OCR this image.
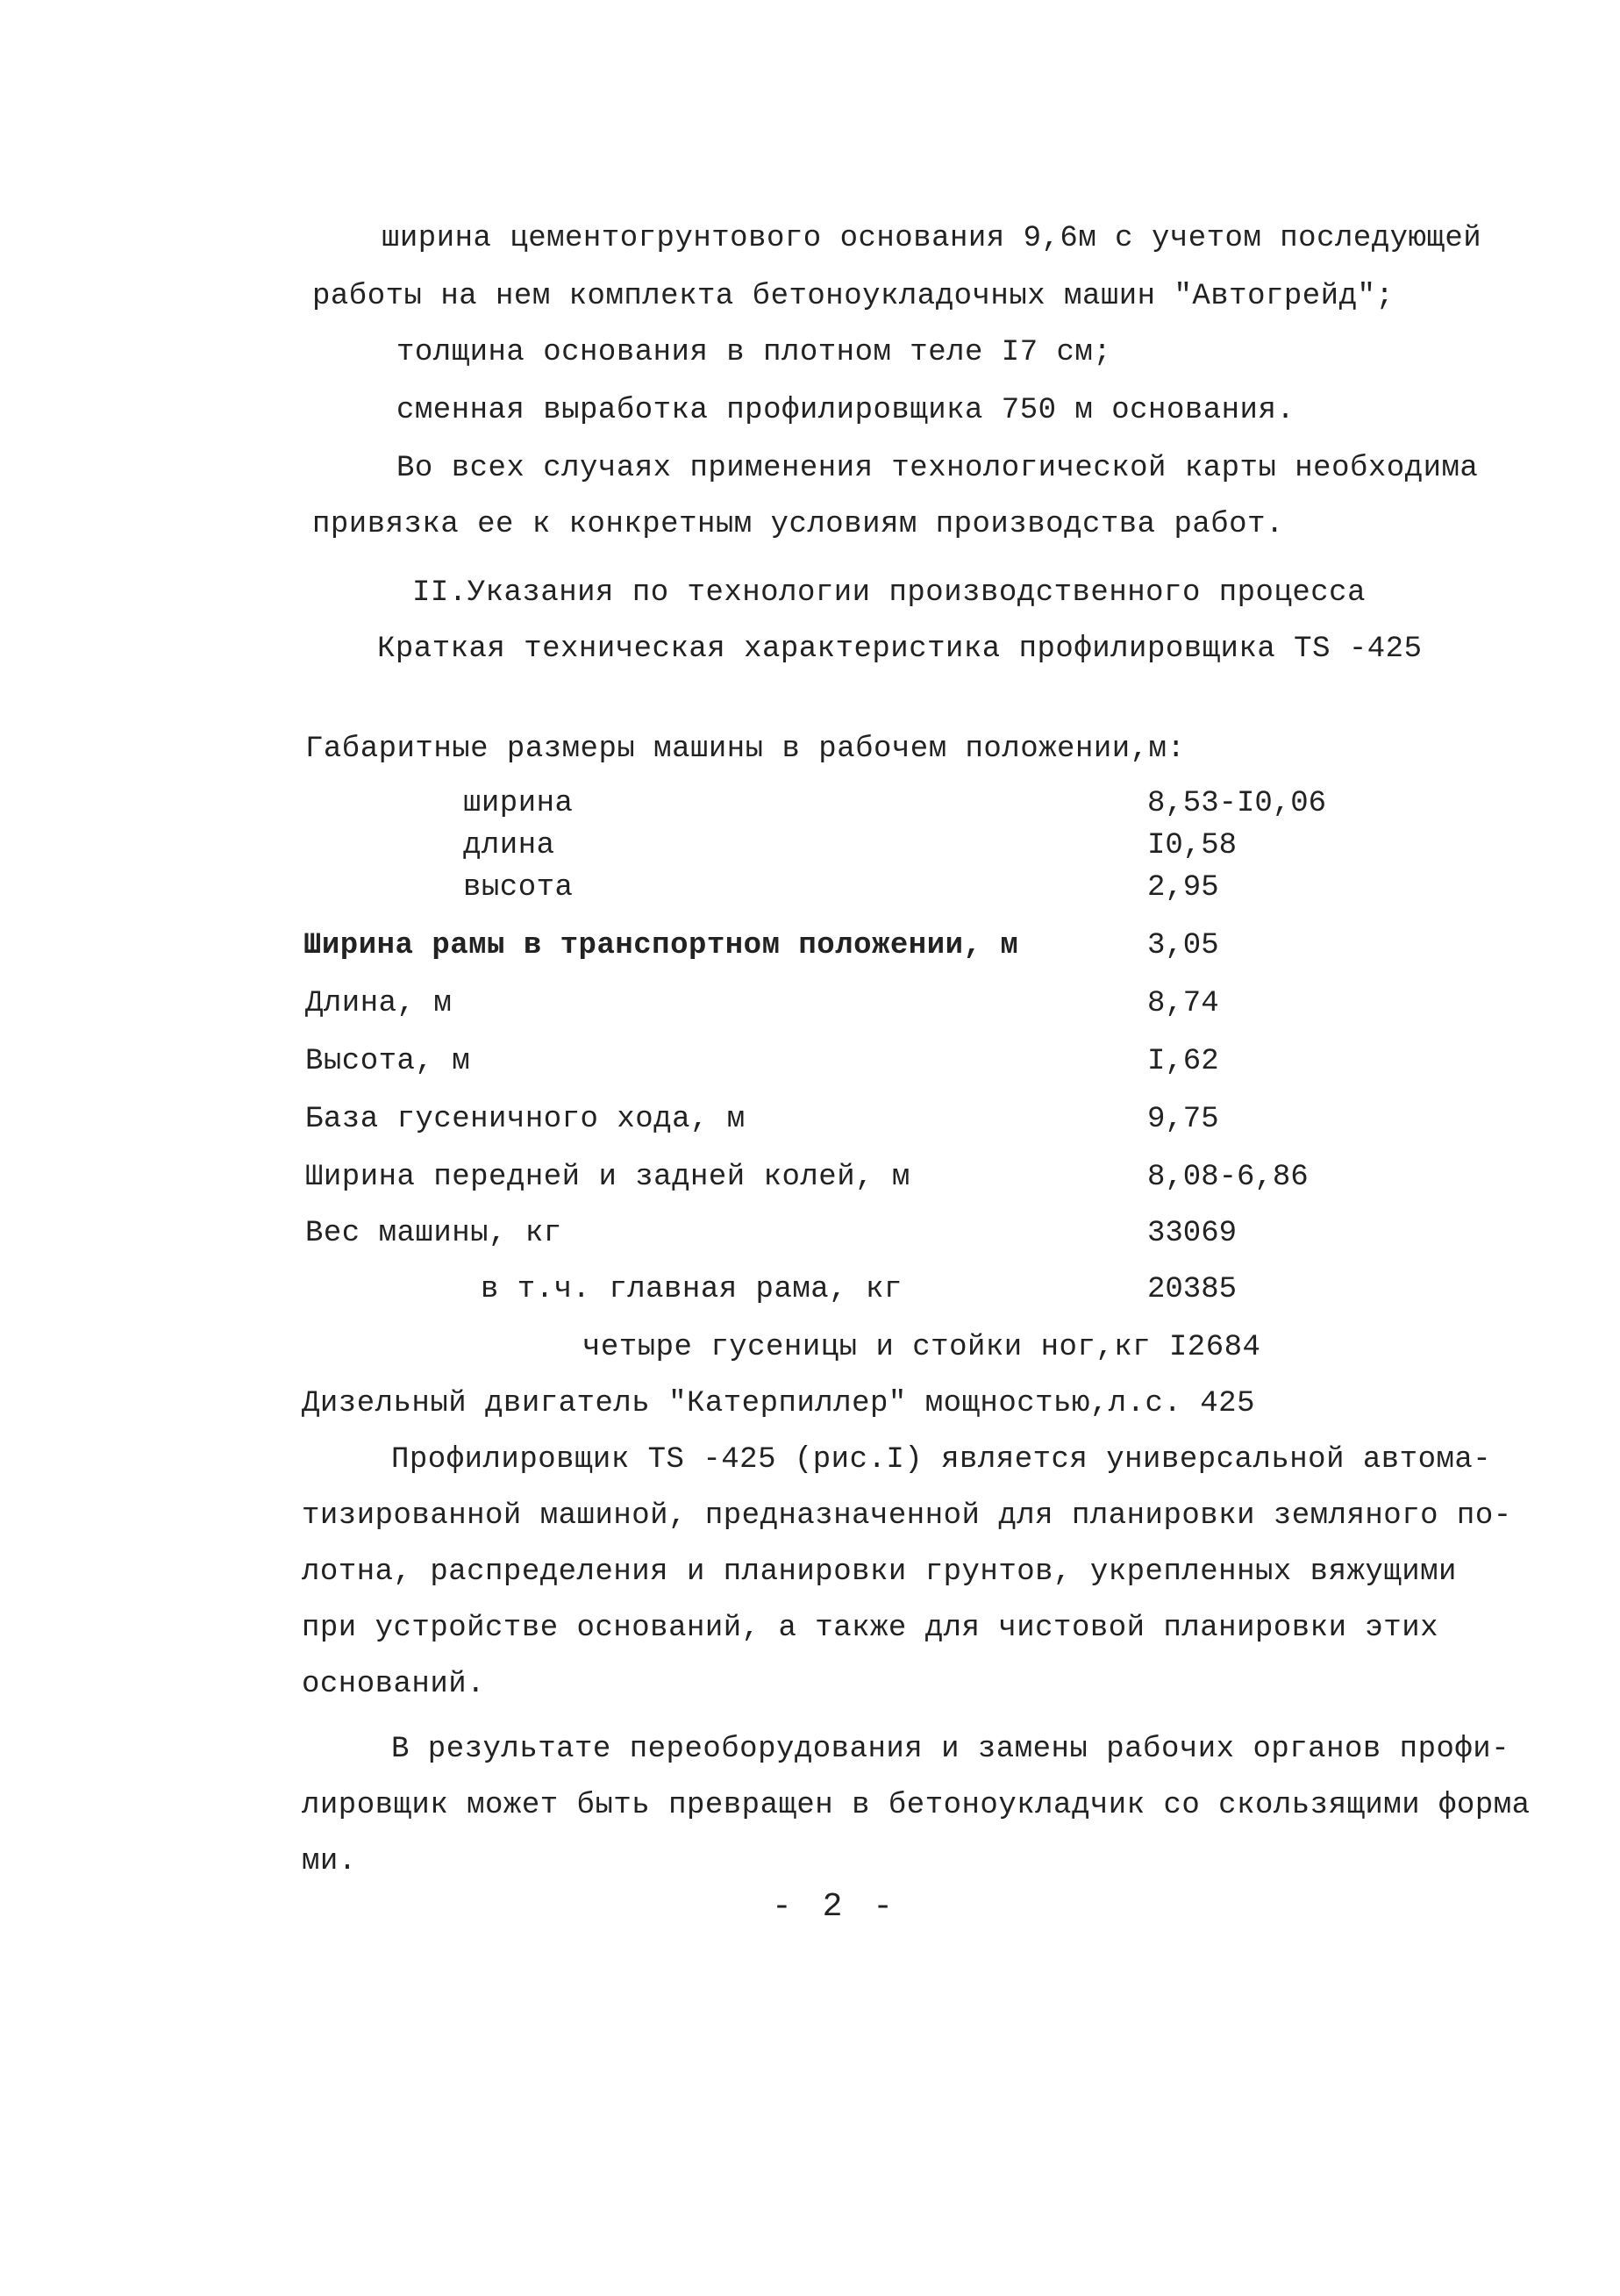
ширина цементогрунтового основания 9,6м с учетом последующей
работы на нем комплекта бетоноукладочных машин "Автогрейд";
толщина основания в плотном теле I7 см;
сменная выработка профилировщика 750 м основания.
Во всех случаях применения технологической карты необходима
привязка ее к конкретным условиям производства работ.
II.Указания по технологии производственного процесса
Краткая техническая характеристика профилировщика TS -425
Габаритные размеры машины в рабочем положении,м:
ширина	8,53-I0,06
длина	I0,58
высота	2,95
Ширина рамы в транспортном положении, м	3,05
Длина, м	8,74
Высота, м	I,62
База гусеничного хода, м	9,75
Ширина передней и задней колей, м	8,08-6,86
Вес машины, кг	33069
в т.ч. главная рама, кг	20385
четыре гусеницы и стойки ног,кг I2684
Дизельный двигатель "Катерпиллер" мощностью,л.с. 425
Профилировщик TS -425 (рис.I) является универсальной автома-
тизированной машиной, предназначенной для планировки земляного по-
лотна, распределения и планировки грунтов, укрепленных вяжущими
при устройстве оснований, а также для чистовой планировки этих
оснований.
В результате переоборудования и замены рабочих органов профи-
лировщик может быть превращен в бетоноукладчик со скользящими форма
ми.
- 2 -
